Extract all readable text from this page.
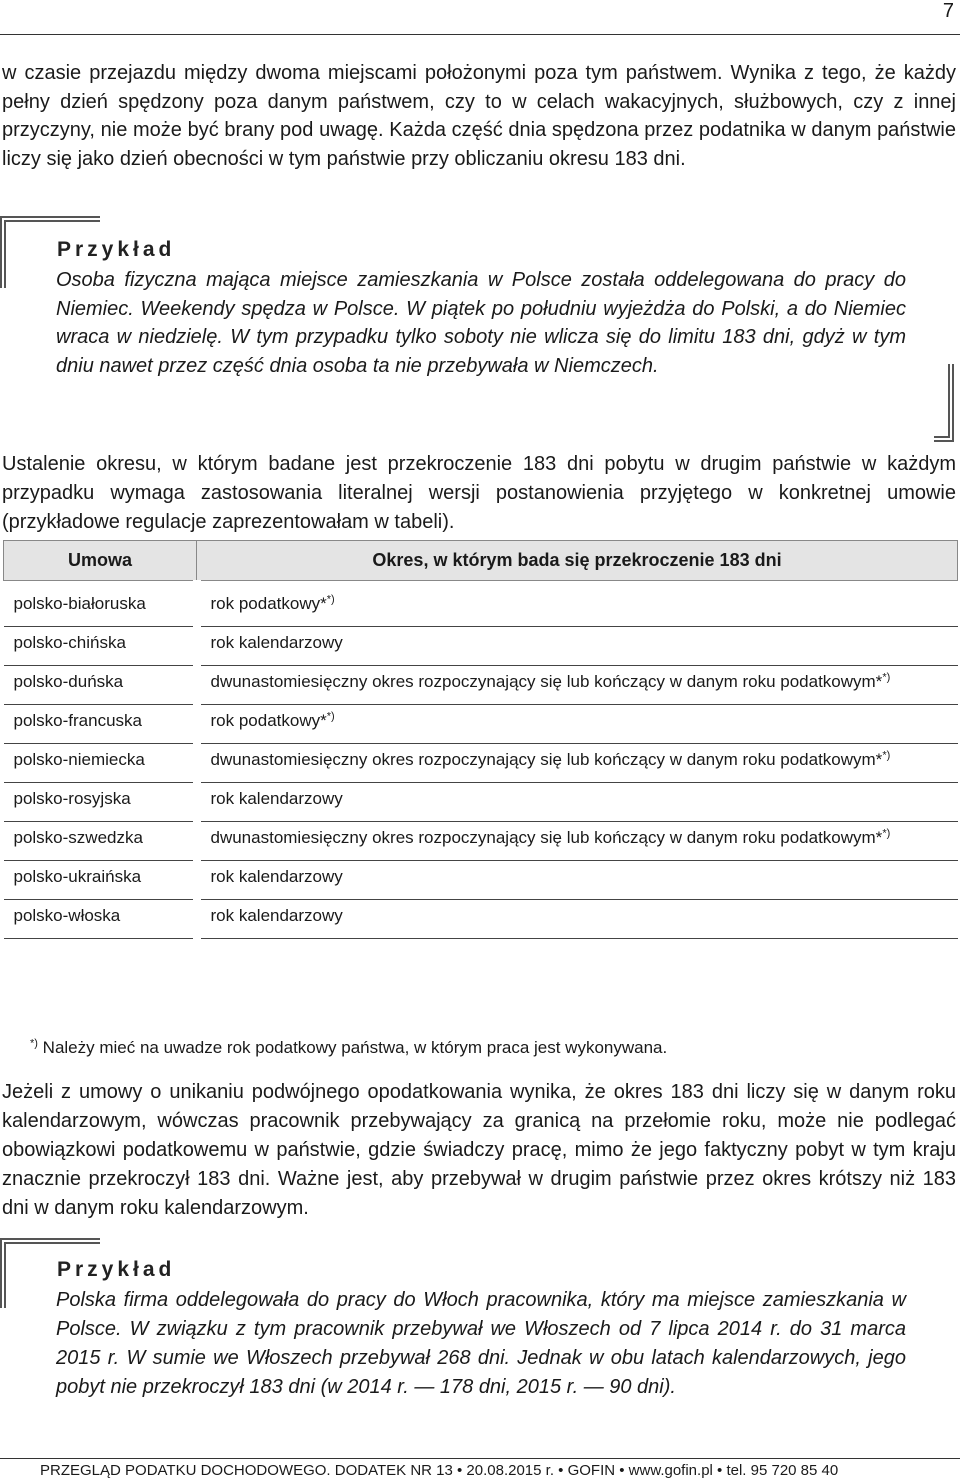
7

w czasie przejazdu między dwoma miejscami położonymi poza tym państwem. Wynika z tego, że każdy pełny dzień spędzony poza danym państwem, czy to w celach wakacyjnych, służbowych, czy z innej przyczyny, nie może być brany pod uwagę. Każda część dnia spędzona przez podatnika w danym państwie liczy się jako dzień obecności w tym państwie przy obliczaniu okresu 183 dni.

Przykład

Osoba fizyczna mająca miejsce zamieszkania w Polsce została oddelegowana do pracy do Niemiec. Weekendy spędza w Polsce. W piątek po południu wyjeżdża do Polski, a do Niemiec wraca w niedzielę. W tym przypadku tylko soboty nie wlicza się do limitu 183 dni, gdyż w tym dniu nawet przez część dnia osoba ta nie przebywała w Niemczech.

Ustalenie okresu, w którym badane jest przekroczenie 183 dni pobytu w drugim państwie w każdym przypadku wymaga zastosowania literalnej wersji postanowienia przyjętego w konkretnej umowie (przykładowe regulacje zaprezentowałam w tabeli).

Umowa	Okres, w którym bada się przekroczenie 183 dni
polsko-białoruska	rok podatkowy**)
polsko-chińska	rok kalendarzowy
polsko-duńska	dwunastomiesięczny okres rozpoczynający się lub kończący w danym roku podatkowym**)
polsko-francuska	rok podatkowy**)
polsko-niemiecka	dwunastomiesięczny okres rozpoczynający się lub kończący w danym roku podatkowym**)
polsko-rosyjska	rok kalendarzowy
polsko-szwedzka	dwunastomiesięczny okres rozpoczynający się lub kończący w danym roku podatkowym**)
polsko-ukraińska	rok kalendarzowy
polsko-włoska	rok kalendarzowy
*) Należy mieć na uwadze rok podatkowy państwa, w którym praca jest wykonywana.

Jeżeli z umowy o unikaniu podwójnego opodatkowania wynika, że okres 183 dni liczy się w danym roku kalendarzowym, wówczas pracownik przebywający za granicą na przełomie roku, może nie podlegać obowiązkowi podatkowemu w państwie, gdzie świadczy pracę, mimo że jego faktyczny pobyt w tym kraju znacznie przekroczył 183 dni. Ważne jest, aby przebywał w drugim państwie przez okres krótszy niż 183 dni w danym roku kalendarzowym.

Przykład

Polska firma oddelegowała do pracy do Włoch pracownika, który ma miejsce zamieszkania w Polsce. W związku z tym pracownik przebywał we Włoszech od 7 lipca 2014 r. do 31 marca 2015 r. W sumie we Włoszech przebywał 268 dni. Jednak w obu latach kalendarzowych, jego pobyt nie przekroczył 183 dni (w 2014 r. — 178 dni, 2015 r. — 90 dni).

PRZEGLĄD PODATKU DOCHODOWEGO. DODATEK NR 13 • 20.08.2015 r. • GOFIN • www.gofin.pl • tel. 95 720 85 40
